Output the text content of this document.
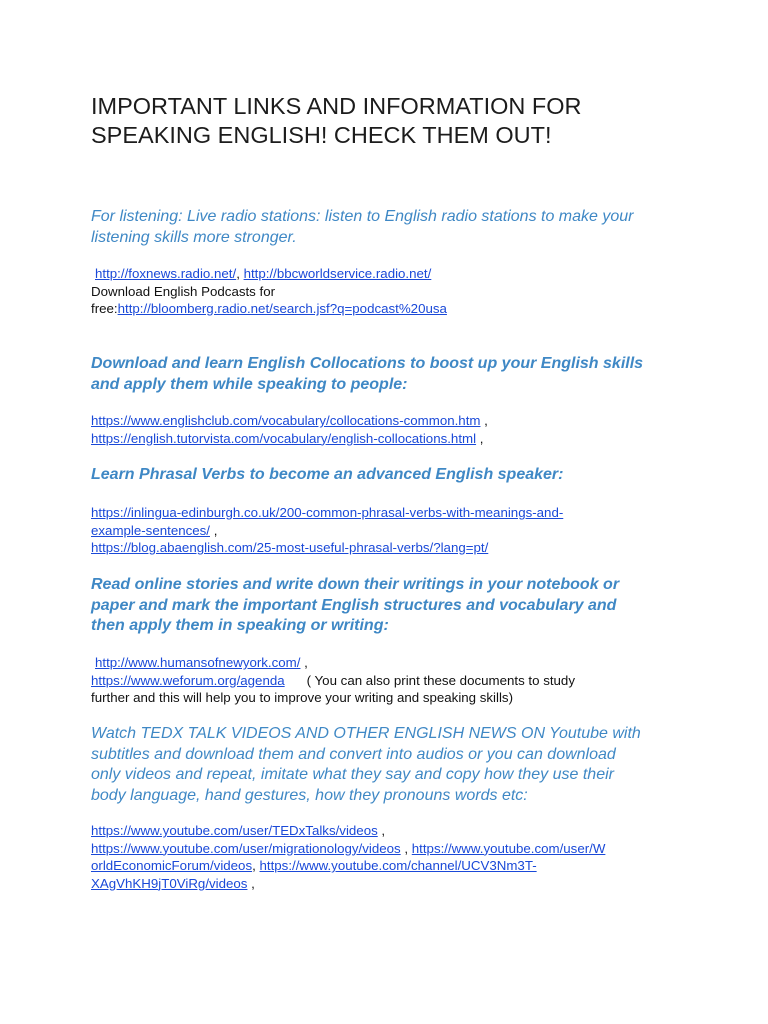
IMPORTANT LINKS AND INFORMATION FOR
SPEAKING ENGLISH! CHECK THEM OUT!
For listening: Live radio stations: listen to English radio stations to make your
listening skills more stronger.
http://foxnews.radio.net/, http://bbcworldservice.radio.net/
Download English Podcasts for
free:http://bloomberg.radio.net/search.jsf?q=podcast%20usa
Download and learn English Collocations to boost up your English skills
and apply them while speaking to people:
https://www.englishclub.com/vocabulary/collocations-common.htm ,
https://english.tutorvista.com/vocabulary/english-collocations.html ,
Learn Phrasal Verbs to become an advanced English speaker:
https://inlingua-edinburgh.co.uk/200-common-phrasal-verbs-with-meanings-and-
example-sentences/ ,
https://blog.abaenglish.com/25-most-useful-phrasal-verbs/?lang=pt/
Read online stories and write down their writings in your notebook or
paper and mark the important English structures and vocabulary and
then apply them in speaking or writing:
http://www.humansofnewyork.com/ ,
https://www.weforum.org/agenda ( You can also print these documents to study
further and this will help you to improve your writing and speaking skills)
Watch TEDX TALK VIDEOS AND OTHER ENGLISH NEWS ON Youtube with
subtitles and download them and convert into audios or you can download
only videos and repeat, imitate what they say and copy how they use their
body language, hand gestures, how they pronouns words etc:
https://www.youtube.com/user/TEDxTalks/videos ,
https://www.youtube.com/user/migrationology/videos , https://www.youtube.com/user/W
orldEconomicForum/videos, https://www.youtube.com/channel/UCV3Nm3T-
XAgVhKH9jT0ViRg/videos ,
